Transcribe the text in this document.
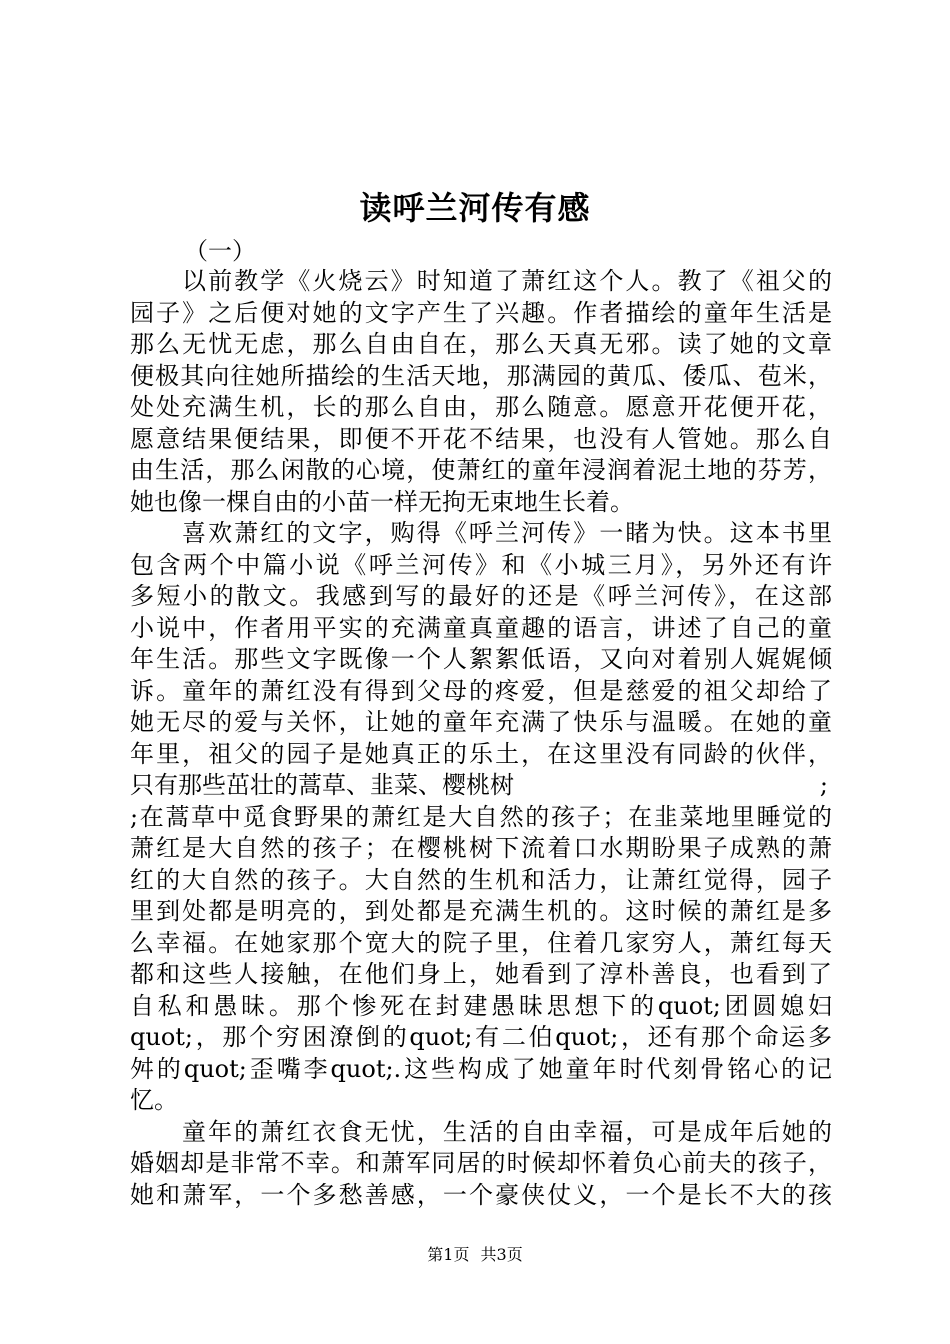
读呼兰河传有感
（一）
以前教学《火烧云》时知道了萧红这个人。教了《祖父的
园子》之后便对她的文字产生了兴趣。作者描绘的童年生活是
那么无忧无虑，那么自由自在，那么天真无邪。读了她的文章
便极其向往她所描绘的生活天地，那满园的黄瓜、倭瓜、苞米，
处处充满生机，长的那么自由，那么随意。愿意开花便开花，
愿意结果便结果，即便不开花不结果，也没有人管她。那么自
由生活，那么闲散的心境，使萧红的童年浸润着泥土地的芬芳，
她也像一棵自由的小苗一样无拘无束地生长着。
喜欢萧红的文字，购得《呼兰河传》一睹为快。这本书里
包含两个中篇小说《呼兰河传》和《小城三月》，另外还有许
多短小的散文。我感到写的最好的还是《呼兰河传》，在这部
小说中，作者用平实的充满童真童趣的语言，讲述了自己的童
年生活。那些文字既像一个人絮絮低语，又向对着别人娓娓倾
诉。童年的萧红没有得到父母的疼爱，但是慈爱的祖父却给了
她无尽的爱与关怀，让她的童年充满了快乐与温暖。在她的童
年里，祖父的园子是她真正的乐土，在这里没有同龄的伙伴，
只有那些茁壮的蒿草、韭菜、樱桃树	;
;在蒿草中觅食野果的萧红是大自然的孩子；在韭菜地里睡觉的
萧红是大自然的孩子；在樱桃树下流着口水期盼果子成熟的萧
红的大自然的孩子。大自然的生机和活力，让萧红觉得，园子
里到处都是明亮的，到处都是充满生机的。这时候的萧红是多
么幸福。在她家那个宽大的院子里，住着几家穷人，萧红每天
都和这些人接触，在他们身上，她看到了淳朴善良，也看到了
自私和愚昧。那个惨死在封建愚昧思想下的quot;团圆媳妇
quot;，那个穷困潦倒的quot;有二伯quot;，还有那个命运多
舛的quot;歪嘴李quot;.这些构成了她童年时代刻骨铭心的记
忆。
童年的萧红衣食无忧，生活的自由幸福，可是成年后她的
婚姻却是非常不幸。和萧军同居的时候却怀着负心前夫的孩子，
她和萧军，一个多愁善感，一个豪侠仗义，一个是长不大的孩
第1页 共3页
